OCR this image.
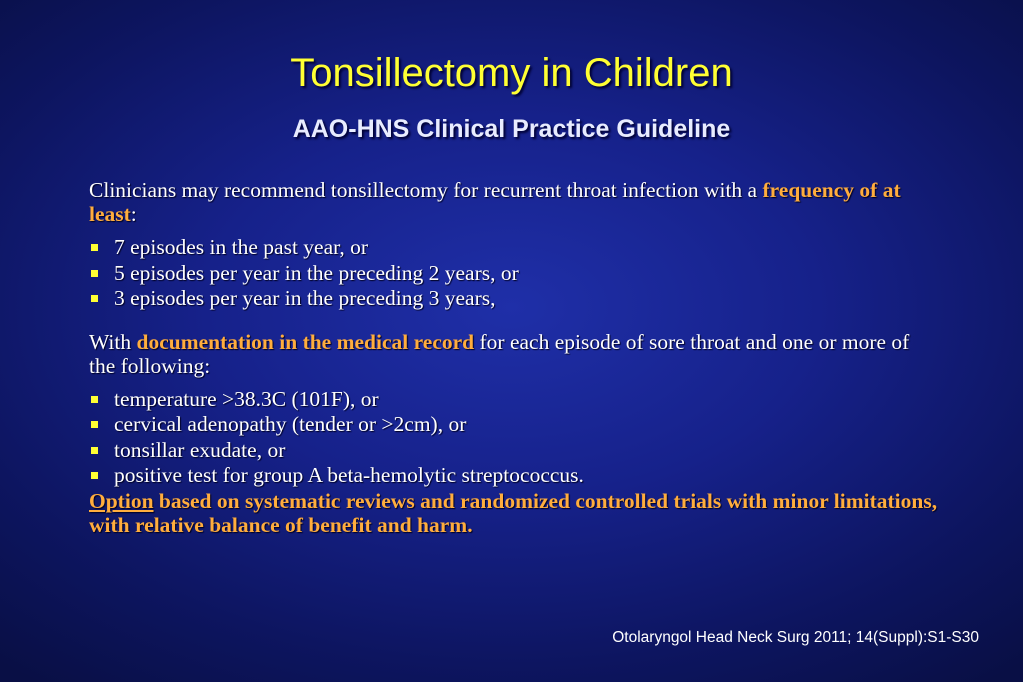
Tonsillectomy in Children
AAO-HNS Clinical Practice Guideline

Clinicians may recommend tonsillectomy for recurrent throat infection with a frequency of at least:

7 episodes in the past year, or
5 episodes per year in the preceding 2 years, or
3 episodes per year in the preceding 3 years,

With documentation in the medical record for each episode of sore throat and one or more of the following:

temperature >38.3C (101F), or
cervical adenopathy (tender or >2cm), or
tonsillar exudate, or
positive test for group A beta-hemolytic streptococcus.

Option based on systematic reviews and randomized controlled trials with minor limitations, with relative balance of benefit and harm.

Otolaryngol Head Neck Surg 2011; 14(Suppl):S1-S30
